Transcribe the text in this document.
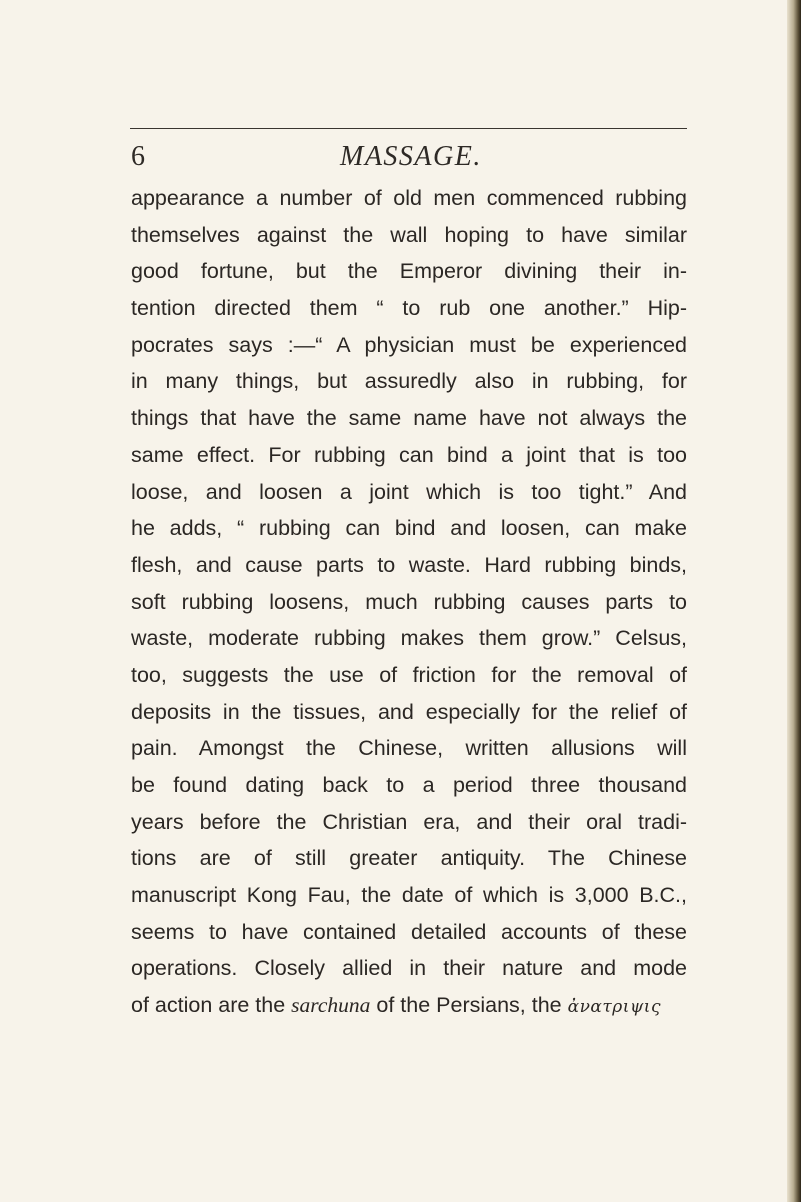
6	MASSAGE.
appearance a number of old men commenced rubbing
themselves against the wall hoping to have similar
good fortune, but the Emperor divining their in-
tention directed them “ to rub one another.” Hip-
pocrates says :—“ A physician must be experienced
in many things, but assuredly also in rubbing, for
things that have the same name have not always the
same effect. For rubbing can bind a joint that is too
loose, and loosen a joint which is too tight.” And
he adds, “ rubbing can bind and loosen, can make
flesh, and cause parts to waste. Hard rubbing binds,
soft rubbing loosens, much rubbing causes parts to
waste, moderate rubbing makes them grow.” Celsus,
too, suggests the use of friction for the removal of
deposits in the tissues, and especially for the relief of
pain. Amongst the Chinese, written allusions will
be found dating back to a period three thousand
years before the Christian era, and their oral tradi-
tions are of still greater antiquity. The Chinese
manuscript Kong Fau, the date of which is 3,000 B.C.,
seems to have contained detailed accounts of these
operations. Closely allied in their nature and mode
of action are the sarchuna of the Persians, the ἀνατριψις
